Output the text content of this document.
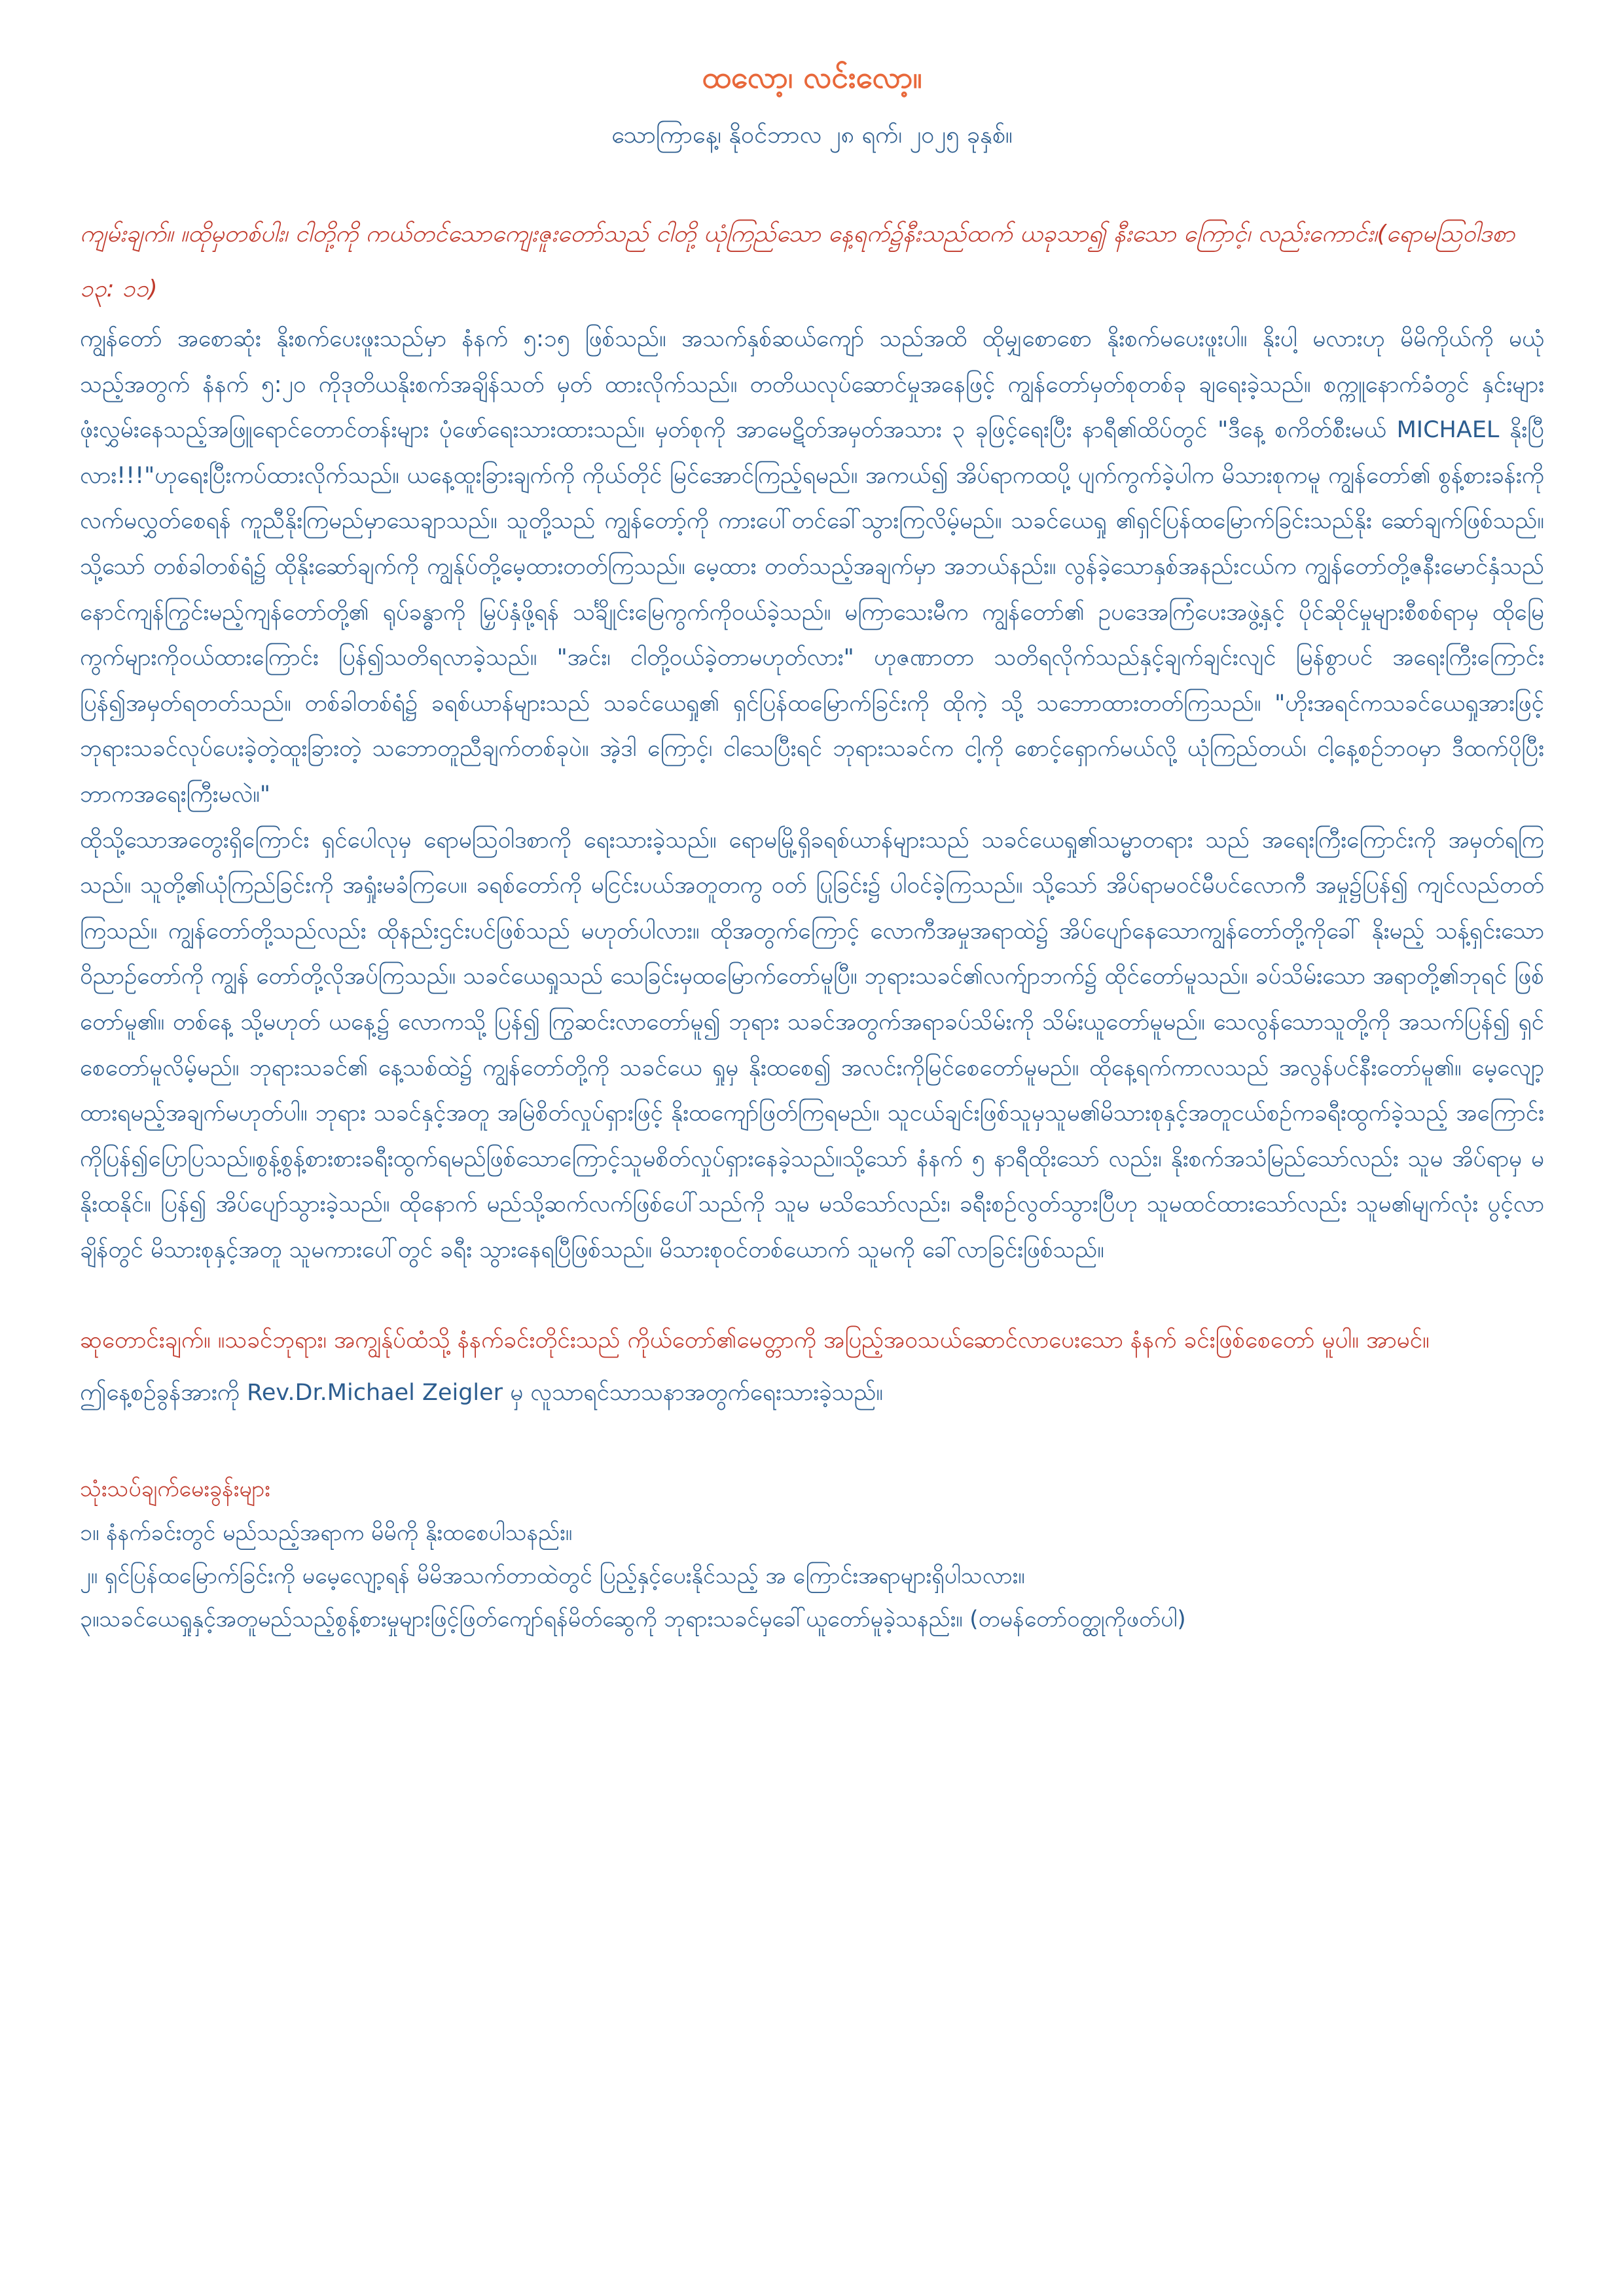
ထလော့၊ လင်းလော့။

သောကြာနေ့၊ နိုဝင်ဘာလ ၂၈ ရက်၊ ၂၀၂၅ ခုနှစ်။

ကျမ်းချက်။ ။ထိုမှတစ်ပါး၊ ငါတို့ကို ကယ်တင်သောကျေးဇူးတော်သည် ငါတို့ ယုံကြည်သော နေ့ရက်၌နီးသည်ထက် ယခုသာ၍ နီးသော ကြောင့်၊ လည်းကောင်း၊(ရောမသြဝါဒစာ ၁၃: ၁၁)

ကျွန်တော် အစောဆုံး နိုးစက်ပေးဖူးသည်မှာ နံနက် ၅:၁၅ ဖြစ်သည်။ အသက်နှစ်ဆယ်ကျော် သည်အထိ ထိုမျှစောစော နိုးစက်မပေးဖူးပါ။ နိုးပါ့ မလားဟု မိမိကိုယ်ကို မယုံသည့်အတွက် နံနက် ၅:၂၀ ကိုဒုတိယနိုးစက်အချိန်သတ် မှတ် ထားလိုက်သည်။ တတိယလုပ်ဆောင်မှုအနေဖြင့် ကျွန်တော်မှတ်စုတစ်ခု ချရေးခဲ့သည်။ စက္ကူနောက်ခံတွင် နှင်းများဖုံးလွှမ်းနေသည့်အဖြူရောင်တောင်တန်းများ ပုံဖော်ရေးသားထားသည်။ မှတ်စုကို အာမေဋိတ်အမှတ်အသား ၃ ခုဖြင့်ရေးပြီး နာရီ၏ထိပ်တွင် "ဒီနေ့ စကိတ်စီးမယ် MICHAEL နိုးပြီလား!!!"ဟုရေးပြီးကပ်ထားလိုက်သည်။ ယနေ့ထူးခြားချက်ကို ကိုယ်တိုင် မြင်အောင်ကြည့်ရမည်။ အကယ်၍ အိပ်ရာကထပို့ ပျက်ကွက်ခဲ့ပါက မိသားစုကမူ ကျွန်တော်၏ စွန့်စားခန်းကို လက်မလွှတ်စေရန် ကူညီနိုးကြမည်မှာသေချာသည်။ သူတို့သည် ကျွန်တော့်ကို ကားပေါ်တင်ခေါ်သွားကြလိမ့်မည်။ သခင်ယေရှု ၏ရှင်ပြန်ထမြောက်ခြင်းသည်နိုး ဆော်ချက်ဖြစ်သည်။ သို့သော် တစ်ခါတစ်ရံ၌ ထိုနိုးဆော်ချက်ကို ကျွန်ုပ်တို့မေ့ထားတတ်ကြသည်။ မေ့ထား တတ်သည့်အချက်မှာ အဘယ်နည်း။ လွန်ခဲ့သောနှစ်အနည်းငယ်က ကျွန်တော်တို့ဇနီးမောင်နှံသည် နောင်ကျန်ကြွင်းမည့်ကျန်တော်တို့၏ ရုပ်ခန္ဓာကို မြှပ်နှံဖို့ရန် သင်္ချိုင်းမြေကွက်ကိုဝယ်ခဲ့သည်။ မကြာသေးမီက ကျွန်တော်၏ ဥပဒေအကြံပေးအဖွဲ့နှင့် ပိုင်ဆိုင်မှုများစီစစ်ရာမှ ထိုမြေ ကွက်များကိုဝယ်ထားကြောင်း ပြန်၍သတိရလာခဲ့သည်။ "အင်း၊ ငါတို့ဝယ်ခဲ့တာမဟုတ်လား" ဟုဇဏာတာ သတိရလိုက်သည်နှင့်ချက်ချင်းလျင် မြန်စွာပင် အရေးကြီးကြောင်း ပြန်၍အမှတ်ရတတ်သည်။ တစ်ခါတစ်ရံ၌ ခရစ်ယာန်များသည် သခင်ယေရှု၏ ရှင်ပြန်ထမြောက်ခြင်းကို ထိုကဲ့ သို့ သဘောထားတတ်ကြသည်။ "ဟိုးအရင်ကသခင်ယေရှုအားဖြင့် ဘုရားသခင်လုပ်ပေးခဲ့တဲ့ထူးခြားတဲ့ သဘောတူညီချက်တစ်ခုပဲ။ အဲ့ဒါ ကြောင့်၊ ငါသေပြီးရင် ဘုရားသခင်က ငါ့ကို စောင့်ရှောက်မယ်လို့ ယုံကြည်တယ်၊ ငါ့နေ့စဥ်ဘဝမှာ ဒီထက်ပိုပြီး ဘာကအရေးကြီးမလဲ။"

ထိုသို့သောအတွေးရှိကြောင်း ရှင်ပေါလုမှ ရောမသြဝါဒစာကို ရေးသားခဲ့သည်။ ရောမမြို့ရှိခရစ်ယာန်များသည် သခင်ယေရှု၏သမ္မာတရား သည် အရေးကြီးကြောင်းကို အမှတ်ရကြသည်။ သူတို့၏ယုံကြည်ခြင်းကို အရှုံးမခံကြပေ။ ခရစ်တော်ကို မငြင်းပယ်အတူတကွ ဝတ် ပြုခြင်း၌ ပါဝင်ခဲ့ကြသည်။ သို့သော် အိပ်ရာမဝင်မီပင်လောကီ အမှု၌ပြန်၍ ကျင်လည်တတ်ကြသည်။ ကျွန်တော်တို့သည်လည်း ထိုနည်းဌင်းပင်ဖြစ်သည် မဟုတ်ပါလား။ ထိုအတွက်ကြောင့် လောကီအမှုအရာထဲ၌ အိပ်ပျော်နေသောကျွန်တော်တို့ကိုခေါ် နိုးမည့် သန့်ရှင်းသောဝိညာဉ်တော်ကို ကျွန် တော်တို့လိုအပ်ကြသည်။ သခင်ယေရှုသည် သေခြင်းမှထမြောက်တော်မူပြီ။ ဘုရားသခင်၏လက်ျာဘက်၌ ထိုင်တော်မူသည်။ ခပ်သိမ်းသော အရာတို့၏ဘုရင် ဖြစ်တော်မူ၏။ တစ်နေ့ သို့မဟုတ် ယနေ့၌ လောကသို့ ပြန်၍ ကြွဆင်းလာတော်မူ၍ ဘုရား သခင်အတွက်အရာခပ်သိမ်းကို သိမ်းယူတော်မူမည်။ သေလွန်သောသူတို့ကို အသက်ပြန်၍ ရှင်စေတော်မူလိမ့်မည်။ ဘုရားသခင်၏ နေ့သစ်ထဲ၌ ကျွန်တော်တို့ကို သခင်ယေ ရှုမှ နိုးထစေ၍ အလင်းကိုမြင်စေတော်မူမည်။ ထိုနေ့ရက်ကာလသည် အလွန်ပင်နီးတော်မူ၏။ မေ့လျော့ထားရမည့်အချက်မဟုတ်ပါ။ ဘုရား သခင်နှင့်အတူ အမြဲစိတ်လှုပ်ရှားဖြင့် နိုးထကျော်ဖြတ်ကြရမည်။ သူငယ်ချင်းဖြစ်သူမှသူမ၏မိသားစုနှင့်အတူငယ်စဉ်ကခရီးထွက်ခဲ့သည့် အကြောင်းကိုပြန်၍ပြောပြသည်။စွန့်စွန့်စားစားခရီးထွက်ရမည်ဖြစ်သောကြောင့်သူမစိတ်လှုပ်ရှားနေခဲ့သည်။သို့သော် နံနက် ၅ နာရီထိုးသော် လည်း၊ နိုးစက်အသံမြည်သော်လည်း သူမ အိပ်ရာမှ မနိုးထနိုင်။ ပြန်၍ အိပ်ပျော်သွားခဲ့သည်။ ထိုနောက် မည်သို့ဆက်လက်ဖြစ်ပေါ်သည်ကို သူမ မသိသော်လည်း၊ ခရီးစဉ်လွတ်သွားပြီဟု သူမထင်ထားသော်လည်း သူမ၏မျက်လုံး ပွင့်လာချိန်တွင် မိသားစုနှင့်အတူ သူမကားပေါ်တွင် ခရီး သွားနေရပြီဖြစ်သည်။ မိသားစုဝင်တစ်ယောက် သူမကို ခေါ်လာခြင်းဖြစ်သည်။

ဆုတောင်းချက်။ ။သခင်ဘုရား၊ အကျွန်ုပ်ထံသို့ နံနက်ခင်းတိုင်းသည် ကိုယ်တော်၏မေတ္တာကို အပြည့်အဝသယ်ဆောင်လာပေးသော နံနက် ခင်းဖြစ်စေတော် မူပါ။ အာမင်။

ဤနေ့စဉ်ခွန်အားကို Rev.Dr.Michael Zeigler မှ လူသာရင်သာသနာအတွက်ရေးသားခဲ့သည်။

သုံးသပ်ချက်မေးခွန်းများ

၁။ နံနက်ခင်းတွင် မည်သည့်အရာက မိမိကို နိုးထစေပါသနည်း။
၂။ ရှင်ပြန်ထမြောက်ခြင်းကို မမေ့လျော့ရန် မိမိအသက်တာထဲတွင် ပြည့်နှင့်ပေးနိုင်သည့် အ ကြောင်းအရာများရှိပါသလား။
၃။သခင်ယေရှုနှင့်အတူမည်သည့်စွန့်စားမှုများဖြင့်ဖြတ်ကျော်ရန်မိတ်ဆွေကို ဘုရားသခင်မှခေါ်ယူတော်မူခဲ့သနည်း။ (တမန်တော်ဝတ္ထုကိုဖတ်ပါ)
